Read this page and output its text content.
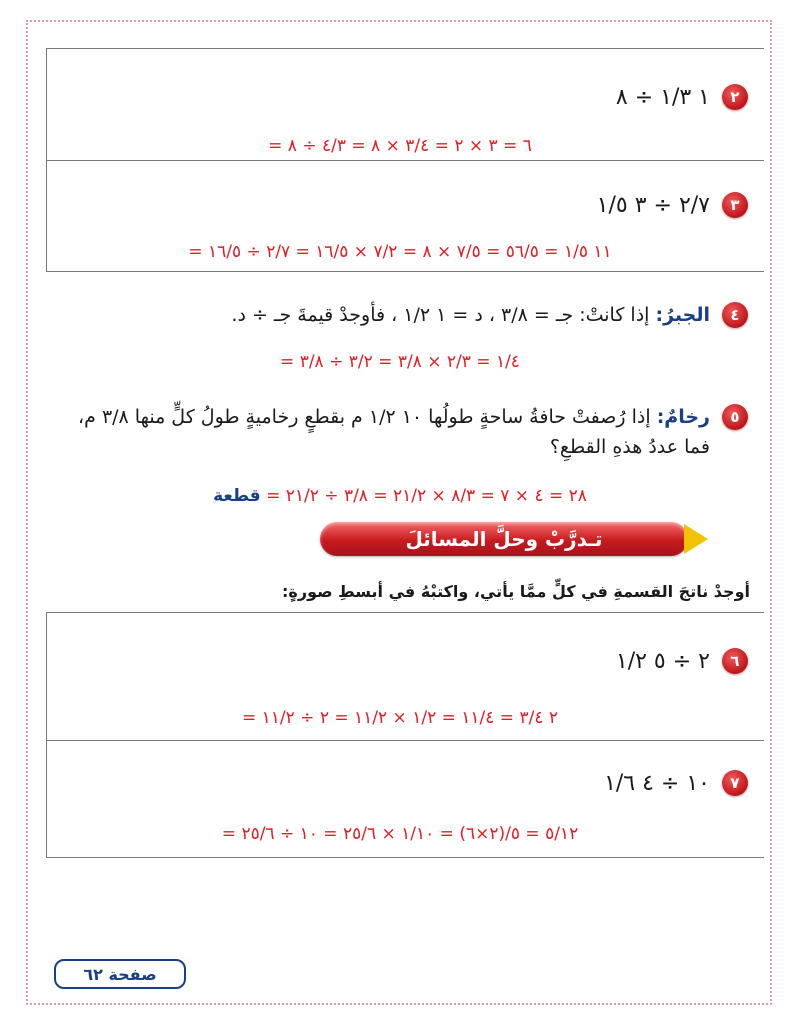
٢
١ ١/٣ ÷ ٨
٦ = ٣ × ٢ = ٣/٤ × ٨ = ٤/٣ ÷ ٨ =
٣
٢/٧ ÷ ٣ ١/٥
١١ ١/٥ = ٥٦/٥ = ٧/٥ × ٨ = ٧/٢ × ١٦/٥ = ٢/٧ ÷ ١٦/٥ =
٤
الجبرُ: إذا كانتْ: جـ = ٣/٨ ، د = ١ ١/٢ ، فأوجدْ قيمةَ جـ ÷ د.
١/٤ = ٢/٣ × ٣/٨ = ٣/٢ ÷ ٣/٨ =
٥
رخامٌ: إذا رُصفتْ حافةُ ساحةٍ طولُها ١٠ ١/٢ م بقطعٍ رخاميةٍ طولُ كلٍّ منها ٣/٨ م،
فما عددُ هذهِ القطعِ؟
٢٨ = ٤ × ٧ = ٨/٣ × ٢١/٢ = ٣/٨ ÷ ٢١/٢ = قطعة
تـدرَّبْ وحلَّ المسائلَ
أوجدْ ناتجَ القسمةِ في كلٍّ ممَّا يأتي، واكتبْهُ في أبسطِ صورةٍ:
٦
٢ ÷ ٥ ١/٢
٢ ٣/٤ = ١١/٤ = ١/٢ × ١١/٢ = ٢ ÷ ١١/٢ =
٧
١٠ ÷ ٤ ١/٦
٥/١٢ = ٥/(٢×٦) = ١/١٠ × ٢٥/٦ = ١٠ ÷ ٢٥/٦ =
صفحة ٦٢
